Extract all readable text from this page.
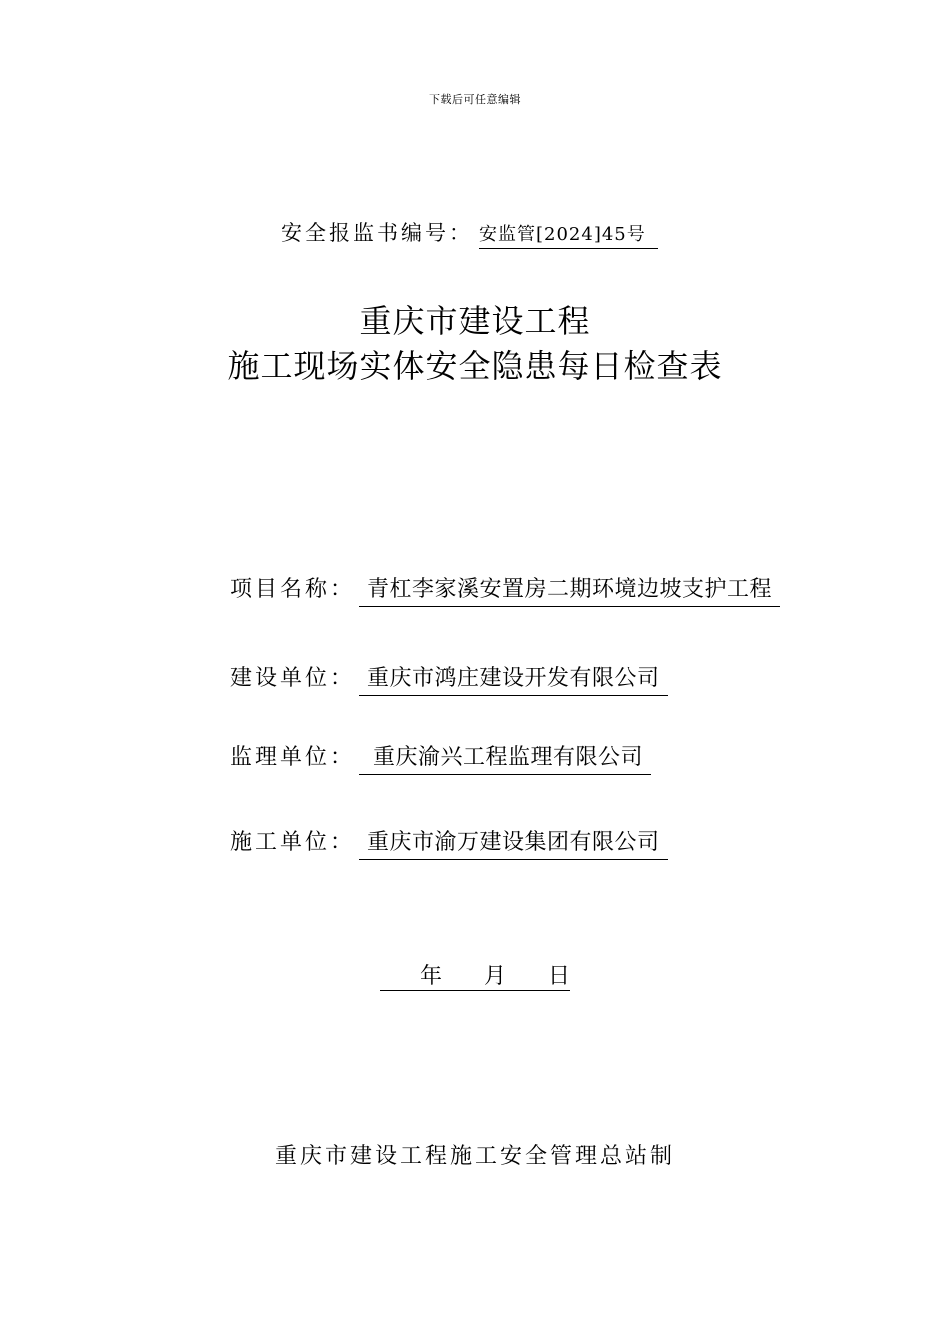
下载后可任意编辑
安全报监书编号： 安监管[2024]45号
重庆市建设工程
施工现场实体安全隐患每日检查表
项目名称： 青杠李家溪安置房二期环境边坡支护工程
建设单位： 重庆市鸿庄建设开发有限公司
监理单位： 重庆渝兴工程监理有限公司
施工单位： 重庆市渝万建设集团有限公司
年 月 日
重庆市建设工程施工安全管理总站制
